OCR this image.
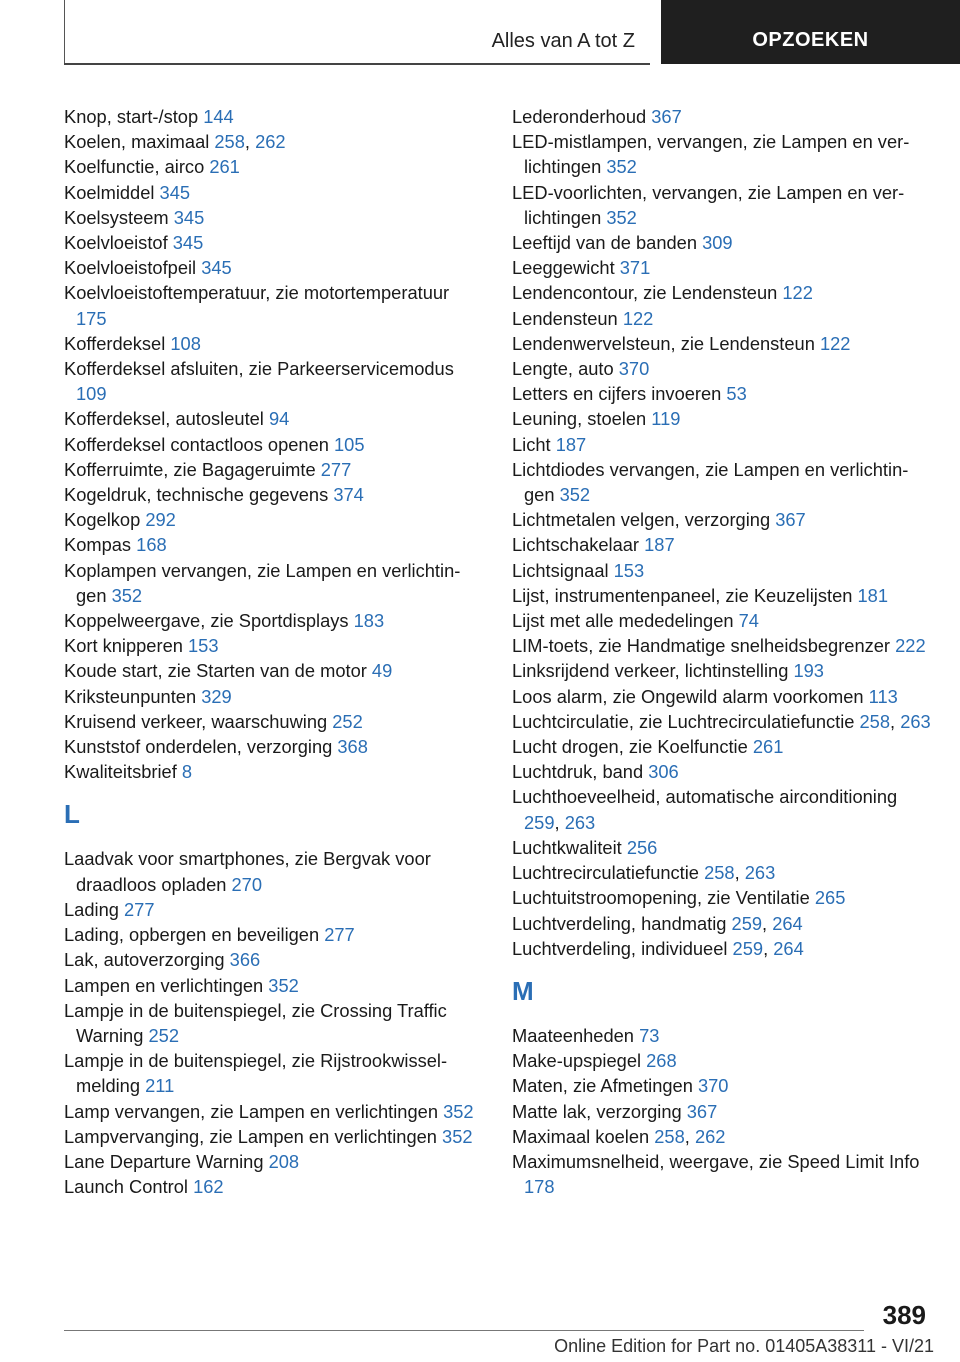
Alles van A tot Z	OPZOEKEN
Knop, start-/stop 144
Koelen, maximaal 258, 262
Koelfunctie, airco 261
Koelmiddel 345
Koelsysteem 345
Koelvloeistof 345
Koelvloeistofpeil 345
Koelvloeistoftemperatuur, zie motortemperatuur 175
Kofferdeksel 108
Kofferdeksel afsluiten, zie Parkeerservicemodus 109
Kofferdeksel, autosleutel 94
Kofferdeksel contactloos openen 105
Kofferruimte, zie Bagageruimte 277
Kogeldruk, technische gegevens 374
Kogelkop 292
Kompas 168
Koplampen vervangen, zie Lampen en verlichtingen 352
Koppelweergave, zie Sportdisplays 183
Kort knipperen 153
Koude start, zie Starten van de motor 49
Kriksteunpunten 329
Kruisend verkeer, waarschuwing 252
Kunststof onderdelen, verzorging 368
Kwaliteitsbrief 8
L
Laadvak voor smartphones, zie Bergvak voor draadloos opladen 270
Lading 277
Lading, opbergen en beveiligen 277
Lak, autoverzorging 366
Lampen en verlichtingen 352
Lampje in de buitenspiegel, zie Crossing Traffic Warning 252
Lampje in de buitenspiegel, zie Rijstrookwisselmelding 211
Lamp vervangen, zie Lampen en verlichtingen 352
Lampvervanging, zie Lampen en verlichtingen 352
Lane Departure Warning 208
Launch Control 162
Lederonderhoud 367
LED-mistlampen, vervangen, zie Lampen en verlichtingen 352
LED-voorlichten, vervangen, zie Lampen en verlichtingen 352
Leeftijd van de banden 309
Leeggewicht 371
Lendencontour, zie Lendensteun 122
Lendensteun 122
Lendenwervelsteun, zie Lendensteun 122
Lengte, auto 370
Letters en cijfers invoeren 53
Leuning, stoelen 119
Licht 187
Lichtdiodes vervangen, zie Lampen en verlichtingen 352
Lichtmetalen velgen, verzorging 367
Lichtschakelaar 187
Lichtsignaal 153
Lijst, instrumentenpaneel, zie Keuzelijsten 181
Lijst met alle mededelingen 74
LIM-toets, zie Handmatige snelheidsbegrenzer 222
Linksrijdend verkeer, lichtinstelling 193
Loos alarm, zie Ongewild alarm voorkomen 113
Luchtcirculatie, zie Luchtrecirculatiefunctie 258, 263
Lucht drogen, zie Koelfunctie 261
Luchtdruk, band 306
Luchthoeveelheid, automatische airconditioning 259, 263
Luchtkwaliteit 256
Luchtrecirculatiefunctie 258, 263
Luchtuitstroomopening, zie Ventilatie 265
Luchtverdeling, handmatig 259, 264
Luchtverdeling, individueel 259, 264
M
Maateenheden 73
Make-upspiegel 268
Maten, zie Afmetingen 370
Matte lak, verzorging 367
Maximaal koelen 258, 262
Maximumsnelheid, weergave, zie Speed Limit Info 178
389
Online Edition for Part no. 01405A38311 - VI/21
